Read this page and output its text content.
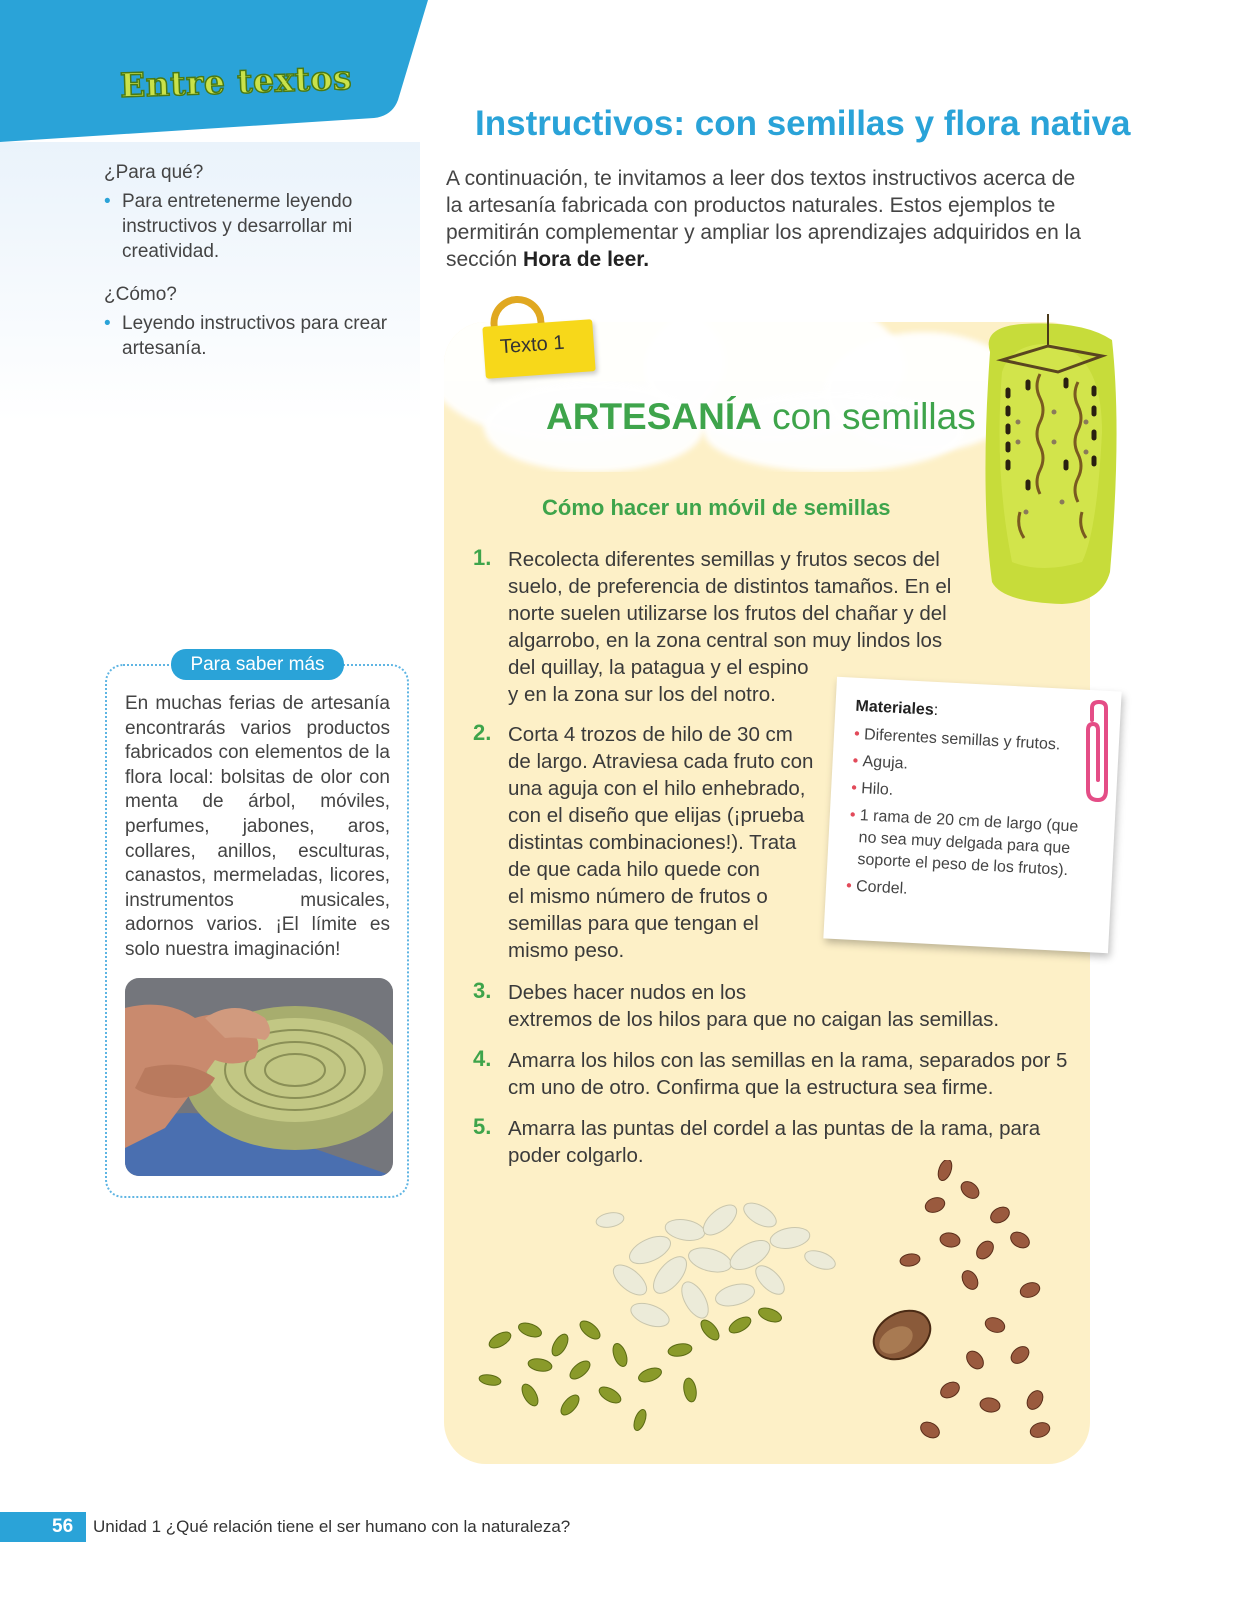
Entre textos
¿Para qué?
• Para entretenerme leyendo instructivos y desarrollar mi creatividad.
¿Cómo?
• Leyendo instructivos para crear artesanía.
Instructivos: con semillas y flora nativa
A continuación, te invitamos a leer dos textos instructivos acerca de la artesanía fabricada con productos naturales. Estos ejemplos te permitirán complementar y ampliar los aprendizajes adquiridos en la sección Hora de leer.
Texto 1
ARTESANÍA con semillas
Cómo hacer un móvil de semillas
1. Recolecta diferentes semillas y frutos secos del
suelo, de preferencia de distintos tamaños. En el
norte suelen utilizarse los frutos del chañar y del
algarrobo, en la zona central son muy lindos los
del quillay, la patagua y el espino
y en la zona sur los del notro.
2. Corta 4 trozos de hilo de 30 cm
de largo. Atraviesa cada fruto con
una aguja con el hilo enhebrado,
con el diseño que elijas (¡prueba
distintas combinaciones!). Trata
de que cada hilo quede con
el mismo número de frutos o
semillas para que tengan el
mismo peso.
3. Debes hacer nudos en los
extremos de los hilos para que no caigan las semillas.
4. Amarra los hilos con las semillas en la rama, separados por 5
cm uno de otro. Confirma que la estructura sea firme.
5. Amarra las puntas del cordel a las puntas de la rama, para
poder colgarlo.
Materiales:
• Diferentes semillas y frutos.
• Aguja.
• Hilo.
• 1 rama de 20 cm de largo (que no sea muy delgada para que soporte el peso de los frutos).
• Cordel.
Para saber más
En muchas ferias de artesanía encontrarás varios productos fabricados con elementos de la flora local: bolsitas de olor con menta de árbol, móviles, perfumes, jabones, aros, collares, anillos, esculturas, canastos, mermeladas, licores, instrumentos musicales, adornos varios. ¡El límite es solo nuestra imaginación!
56 Unidad 1 ¿Qué relación tiene el ser humano con la naturaleza?
